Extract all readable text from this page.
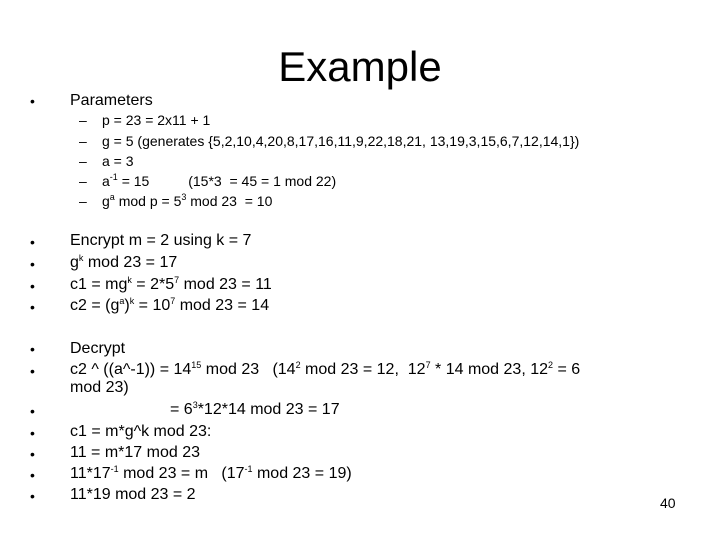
Example
• Parameters
– p = 23 = 2x11 + 1
– g = 5 (generates {5,2,10,4,20,8,17,16,11,9,22,18,21, 13,19,3,15,6,7,12,14,1})
– a = 3
– $a^{-1} = 15$          (15*3  = 45 = 1 mod 22)
– $g^a$ mod $p = 5^3$ mod 23  = 10
• Encrypt m = 2 using k = 7
• $g^k$ mod 23 = 17
• $c1 = mg^k = 2*5^7$ mod 23 = 11
• $c2 = (g^a)^k = 10^7$ mod 23 = 14
• Decrypt
• c2 ^ ((a^-1)) = $14^{15}$ mod 23   ($14^2$ mod 23 = 12,  $12^7 * 14$ mod 23, $12^2 = 6$
mod 23)
•	= $6^3*12*14$ mod 23 = 17
• c1 = m*g^k mod 23:
• 11 = m*17 mod 23
• $11*17^{-1}$ mod 23 = m   ($17^{-1}$ mod 23 = 19)
• 11*19 mod 23 = 2	40
